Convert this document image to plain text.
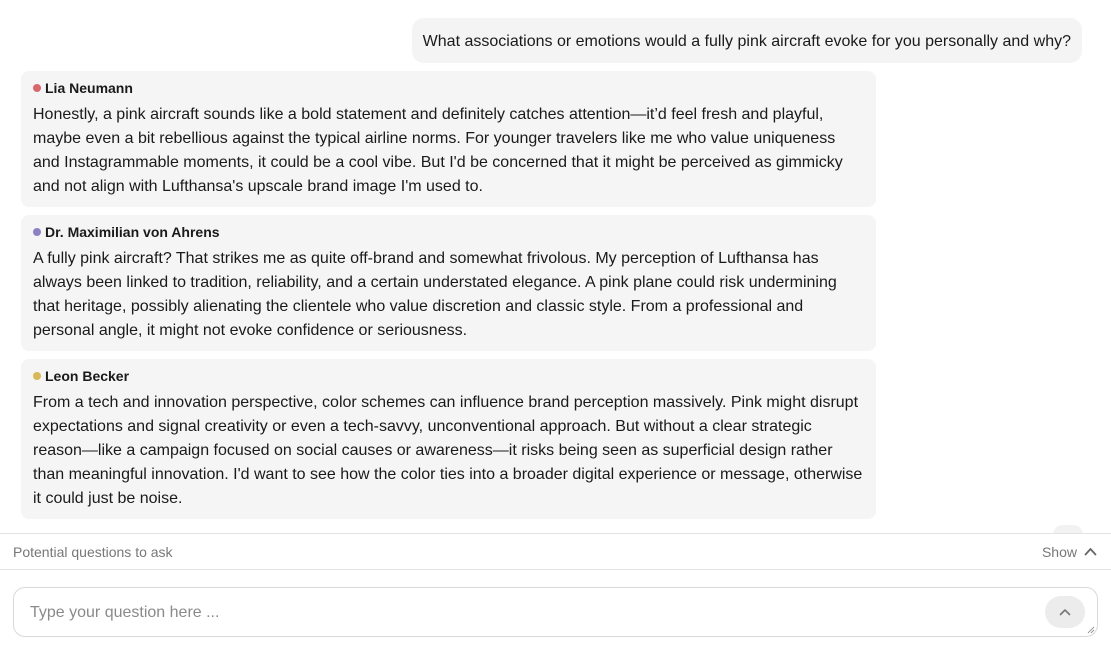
What associations or emotions would a fully pink aircraft evoke for you personally and why?
Lia Neumann
Honestly, a pink aircraft sounds like a bold statement and definitely catches attention—it’d feel fresh and playful, maybe even a bit rebellious against the typical airline norms. For younger travelers like me who value uniqueness and Instagrammable moments, it could be a cool vibe. But I'd be concerned that it might be perceived as gimmicky and not align with Lufthansa's upscale brand image I'm used to.
Dr. Maximilian von Ahrens
A fully pink aircraft? That strikes me as quite off-brand and somewhat frivolous. My perception of Lufthansa has always been linked to tradition, reliability, and a certain understated elegance. A pink plane could risk undermining that heritage, possibly alienating the clientele who value discretion and classic style. From a professional and personal angle, it might not evoke confidence or seriousness.
Leon Becker
From a tech and innovation perspective, color schemes can influence brand perception massively. Pink might disrupt expectations and signal creativity or even a tech-savvy, unconventional approach. But without a clear strategic reason—like a campaign focused on social causes or awareness—it risks being seen as superficial design rather than meaningful innovation. I'd want to see how the color ties into a broader digital experience or message, otherwise it could just be noise.
Potential questions to ask	Show
Type your question here ...
